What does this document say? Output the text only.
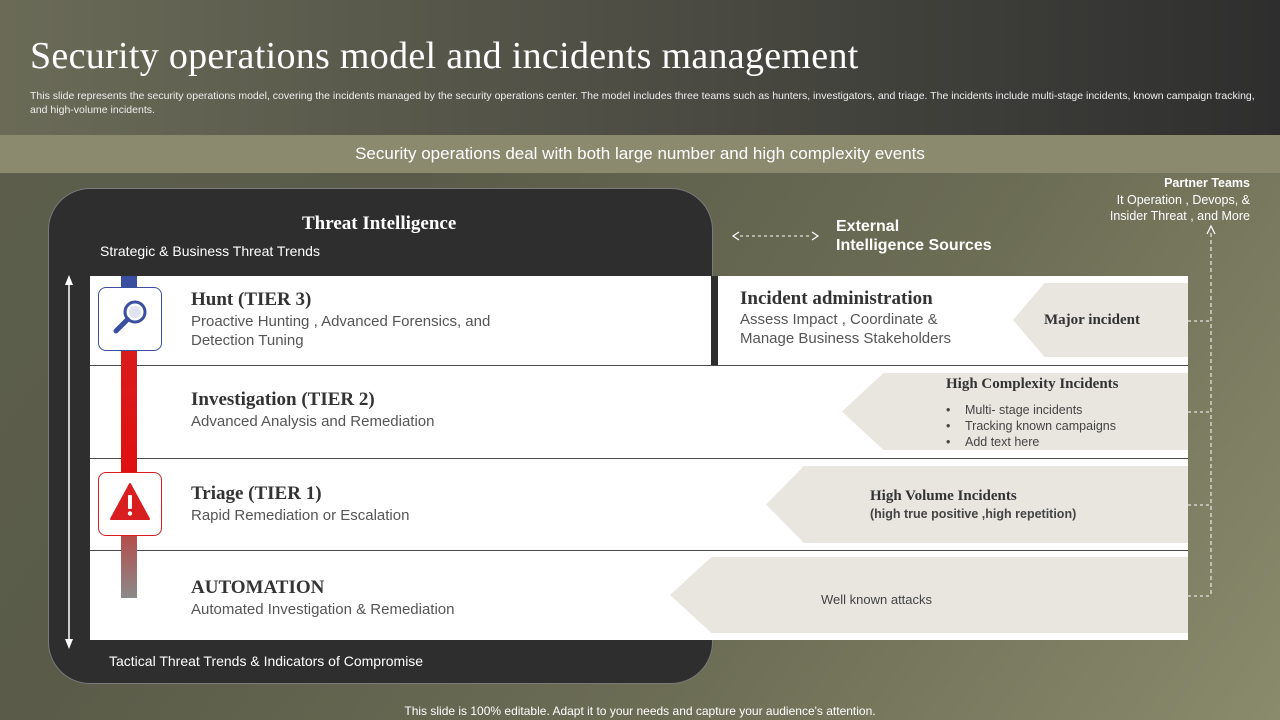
Security operations model and incidents management
This slide represents the security operations model, covering the incidents managed by the security operations center. The model includes three teams such as hunters, investigators, and triage. The incidents include multi-stage incidents, known campaign tracking, and high-volume incidents.
Security operations deal with both large number and high complexity events
Threat Intelligence
Strategic & Business Threat Trends
Tactical Threat Trends & Indicators of Compromise
Hunt (TIER 3)
Proactive Hunting , Advanced Forensics, and
Detection Tuning
Investigation (TIER 2)
Advanced Analysis and Remediation
Triage (TIER 1)
Rapid Remediation or Escalation
AUTOMATION
Automated Investigation & Remediation
Incident administration
Assess Impact , Coordinate &
Manage Business Stakeholders
Major incident
High Complexity Incidents
• Multi- stage incidents
• Tracking known campaigns
• Add text here
High Volume Incidents
(high true positive ,high repetition)
Well known attacks
External
Intelligence Sources
Partner Teams
It Operation , Devops, &
Insider Threat , and More
This slide is 100% editable. Adapt it to your needs and capture your audience's attention.
